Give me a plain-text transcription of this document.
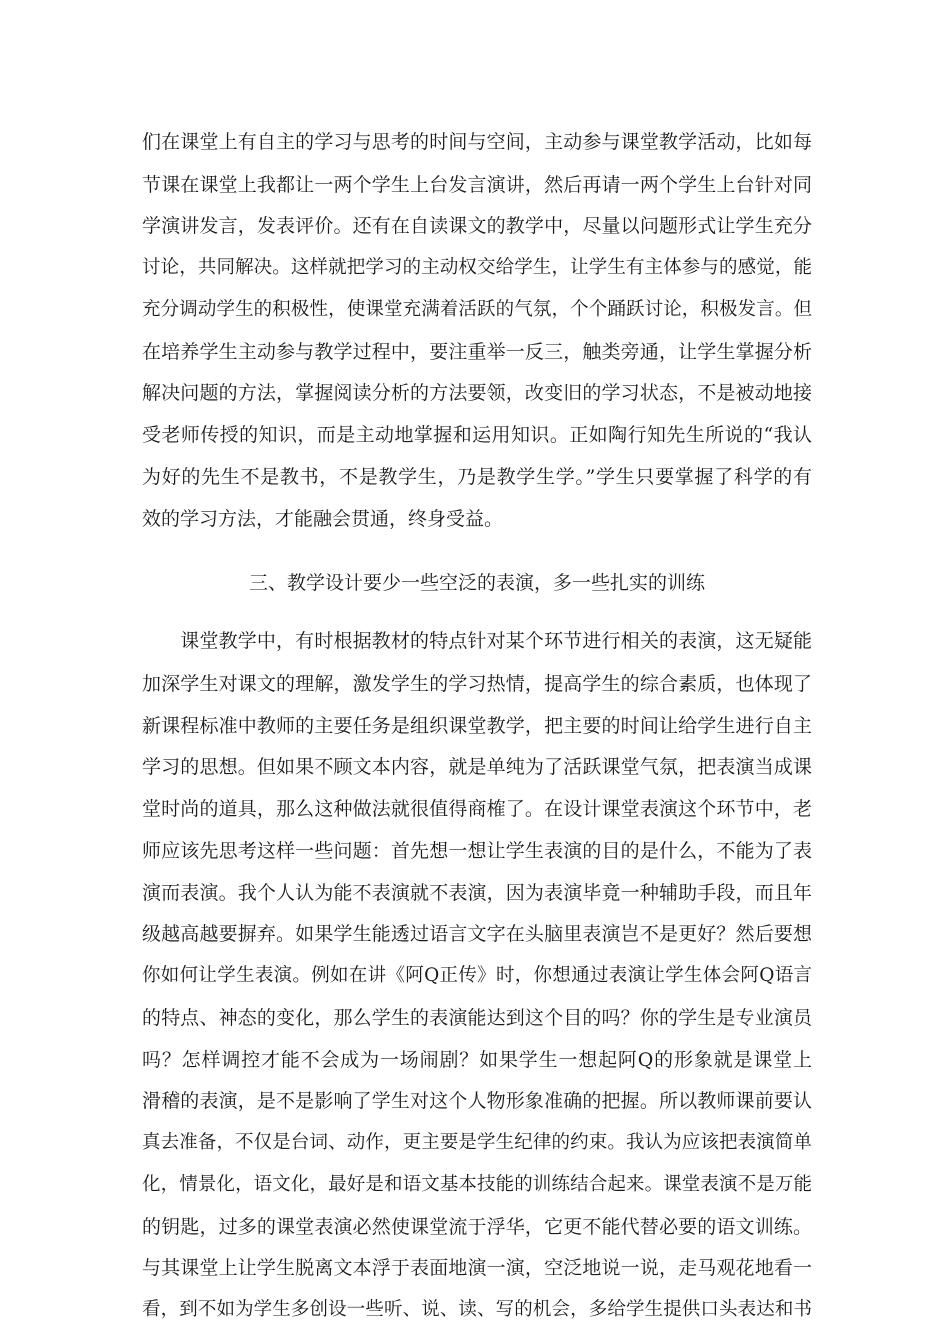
们在课堂上有自主的学习与思考的时间与空间，主动参与课堂教学活动，比如每
节课在课堂上我都让一两个学生上台发言演讲，然后再请一两个学生上台针对同
学演讲发言，发表评价。还有在自读课文的教学中，尽量以问题形式让学生充分
讨论，共同解决。这样就把学习的主动权交给学生，让学生有主体参与的感觉，能
充分调动学生的积极性，使课堂充满着活跃的气氛，个个踊跃讨论，积极发言。但
在培养学生主动参与教学过程中，要注重举一反三，触类旁通，让学生掌握分析
解决问题的方法，掌握阅读分析的方法要领，改变旧的学习状态，不是被动地接
受老师传授的知识，而是主动地掌握和运用知识。正如陶行知先生所说的“我认
为好的先生不是教书，不是教学生，乃是教学生学。”学生只要掌握了科学的有
效的学习方法，才能融会贯通，终身受益。
三、教学设计要少一些空泛的表演，多一些扎实的训练
　　课堂教学中，有时根据教材的特点针对某个环节进行相关的表演，这无疑能
加深学生对课文的理解，激发学生的学习热情，提高学生的综合素质，也体现了
新课程标准中教师的主要任务是组织课堂教学，把主要的时间让给学生进行自主
学习的思想。但如果不顾文本内容，就是单纯为了活跃课堂气氛，把表演当成课
堂时尚的道具，那么这种做法就很值得商榷了。在设计课堂表演这个环节中，老
师应该先思考这样一些问题：首先想一想让学生表演的目的是什么，不能为了表
演而表演。我个人认为能不表演就不表演，因为表演毕竟一种辅助手段，而且年
级越高越要摒弃。如果学生能透过语言文字在头脑里表演岂不是更好？然后要想
你如何让学生表演。例如在讲《阿Q正传》时，你想通过表演让学生体会阿Q语言
的特点、神态的变化，那么学生的表演能达到这个目的吗？你的学生是专业演员
吗？怎样调控才能不会成为一场闹剧？如果学生一想起阿Q的形象就是课堂上
滑稽的表演，是不是影响了学生对这个人物形象准确的把握。所以教师课前要认
真去准备，不仅是台词、动作，更主要是学生纪律的约束。我认为应该把表演简单
化，情景化，语文化，最好是和语文基本技能的训练结合起来。课堂表演不是万能
的钥匙，过多的课堂表演必然使课堂流于浮华，它更不能代替必要的语文训练。
与其课堂上让学生脱离文本浮于表面地演一演，空泛地说一说，走马观花地看一
看，到不如为学生多创设一些听、说、读、写的机会，多给学生提供口头表达和书
